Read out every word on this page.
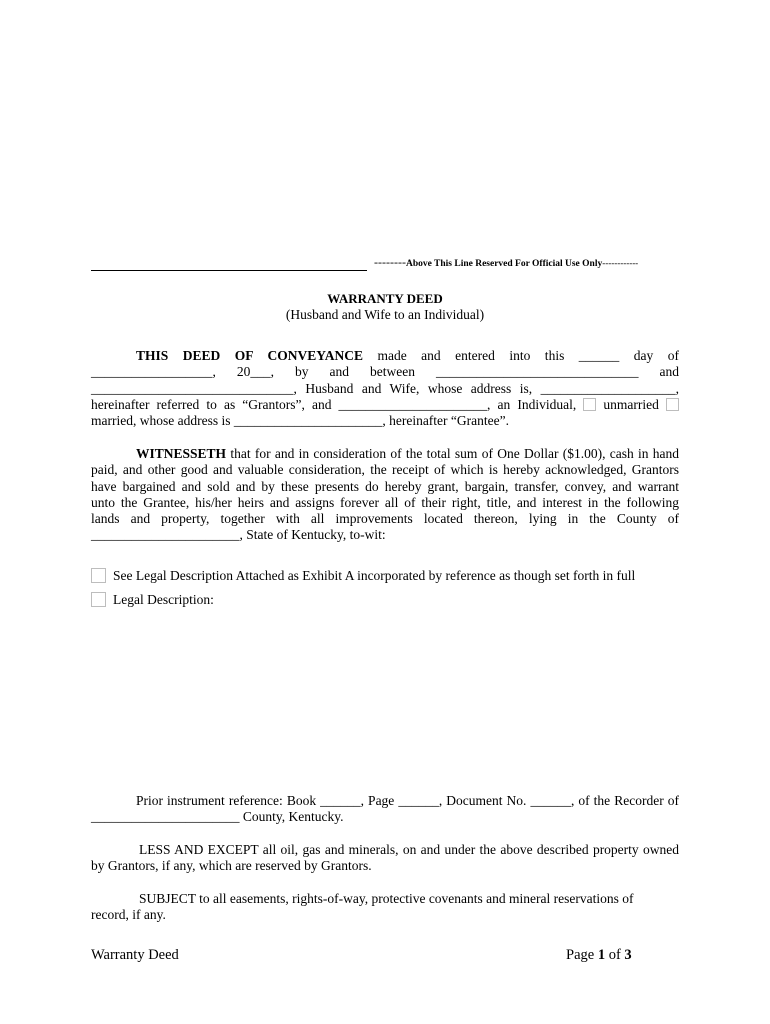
--------Above This Line Reserved For Official Use Only------------
WARRANTY DEED
(Husband and Wife to an Individual)
THIS DEED OF CONVEYANCE made and entered into this ______ day of
__________________, 20___, by and between ______________________________ and
______________________________, Husband and Wife, whose address is, ____________________,
hereinafter referred to as “Grantors”, and ______________________, an Individual, unmarried
married, whose address is ______________________, hereinafter “Grantee”.
WITNESSETH that for and in consideration of the total sum of One Dollar ($1.00), cash in hand
paid, and other good and valuable consideration, the receipt of which is hereby acknowledged, Grantors
have bargained and sold and by these presents do hereby grant, bargain, transfer, convey, and warrant
unto the Grantee, his/her heirs and assigns forever all of their right, title, and interest in the following
lands and property, together with all improvements located thereon, lying in the County of
______________________, State of Kentucky, to-wit:
See Legal Description Attached as Exhibit A incorporated by reference as though set forth in full
Legal Description:
Prior instrument reference: Book ______, Page ______, Document No. ______, of the Recorder of
______________________ County, Kentucky.
LESS AND EXCEPT all oil, gas and minerals, on and under the above described property owned
by Grantors, if any, which are reserved by Grantors.
SUBJECT to all easements, rights-of-way, protective covenants and mineral reservations of
record, if any.
Warranty Deed	Page 1 of 3
